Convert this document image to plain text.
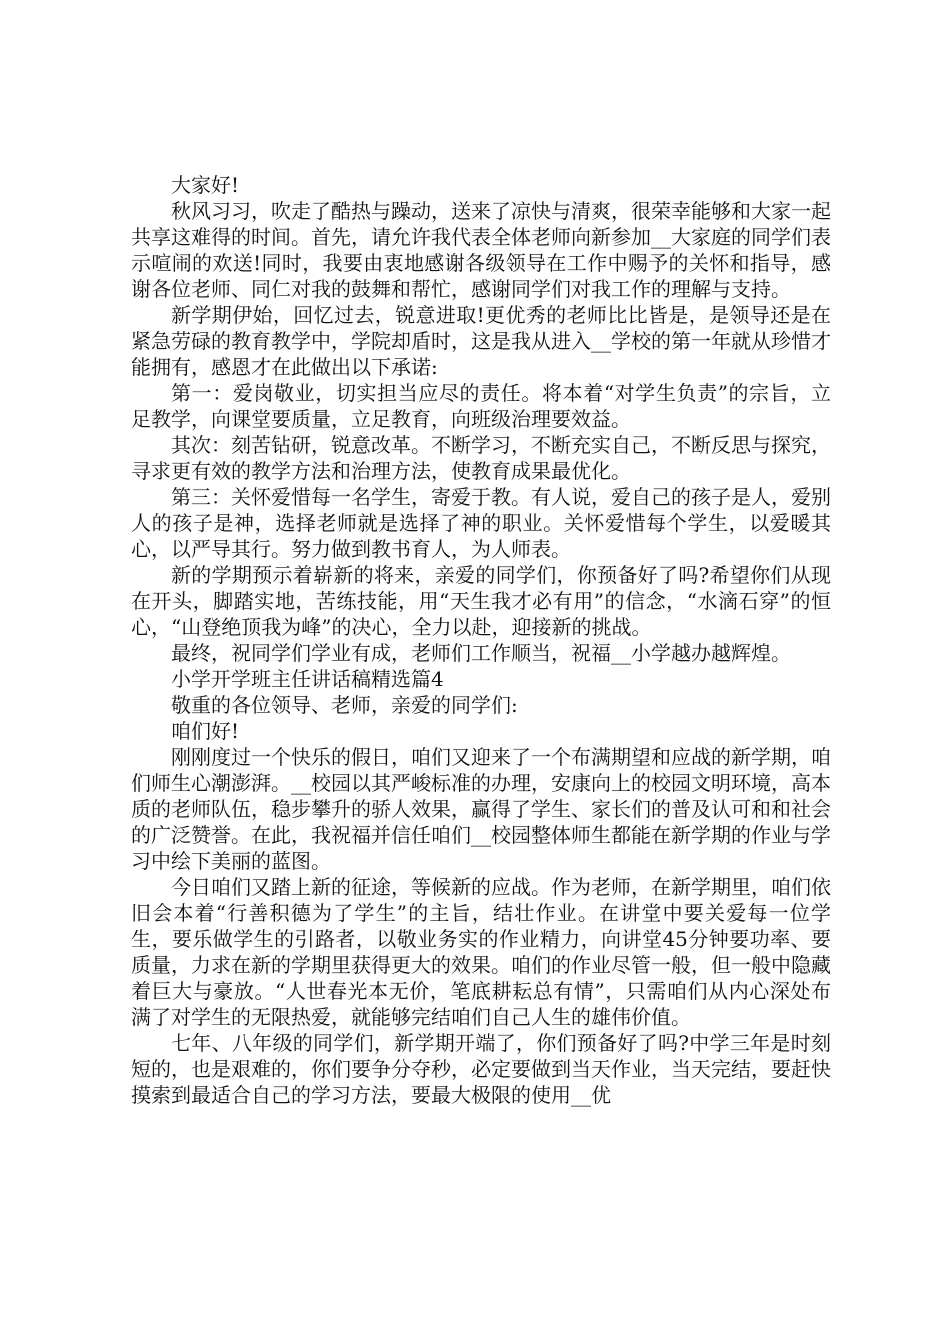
大家好!

秋风习习，吹走了酷热与躁动，送来了凉快与清爽，很荣幸能够和大家一起共享这难得的时间。首先，请允许我代表全体老师向新参加__大家庭的同学们表示喧闹的欢送!同时，我要由衷地感谢各级领导在工作中赐予的关怀和指导，感谢各位老师、同仁对我的鼓舞和帮忙，感谢同学们对我工作的理解与支持。

新学期伊始，回忆过去，锐意进取!更优秀的老师比比皆是，是领导还是在紧急劳碌的教育教学中，学院却盾时，这是我从进入__学校的第一年就从珍惜才能拥有，感恩才在此做出以下承诺:

第一：爱岗敬业，切实担当应尽的责任。将本着“对学生负责”的宗旨，立足教学，向课堂要质量，立足教育，向班级治理要效益。

其次：刻苦钻研，锐意改革。不断学习，不断充实自己，不断反思与探究，寻求更有效的教学方法和治理方法，使教育成果最优化。

第三：关怀爱惜每一名学生，寄爱于教。有人说，爱自己的孩子是人，爱别人的孩子是神，选择老师就是选择了神的职业。关怀爱惜每个学生，以爱暖其心，以严导其行。努力做到教书育人，为人师表。

新的学期预示着崭新的将来，亲爱的同学们，你预备好了吗?希望你们从现在开头，脚踏实地，苦练技能，用“天生我才必有用”的信念，“水滴石穿”的恒心，“山登绝顶我为峰”的决心，全力以赴，迎接新的挑战。

最终，祝同学们学业有成，老师们工作顺当，祝福__小学越办越辉煌。

小学开学班主任讲话稿精选篇4

敬重的各位领导、老师，亲爱的同学们:

咱们好!

刚刚度过一个快乐的假日，咱们又迎来了一个布满期望和应战的新学期，咱们师生心潮澎湃。__校园以其严峻标准的办理，安康向上的校园文明环境，高本质的老师队伍，稳步攀升的骄人效果，赢得了学生、家长们的普及认可和和社会的广泛赞誉。在此，我祝福并信任咱们__校园整体师生都能在新学期的作业与学习中绘下美丽的蓝图。

今日咱们又踏上新的征途，等候新的应战。作为老师，在新学期里，咱们依旧会本着“行善积德为了学生”的主旨，结壮作业。在讲堂中要关爱每一位学生，要乐做学生的引路者，以敬业务实的作业精力，向讲堂45分钟要功率、要质量，力求在新的学期里获得更大的效果。咱们的作业尽管一般，但一般中隐藏着巨大与豪放。“人世春光本无价，笔底耕耘总有情”，只需咱们从内心深处布满了对学生的无限热爱，就能够完结咱们自己人生的雄伟价值。

七年、八年级的同学们，新学期开端了，你们预备好了吗?中学三年是时刻短的，也是艰难的，你们要争分夺秒，必定要做到当天作业，当天完结，要赶快摸索到最适合自己的学习方法，要最大极限的使用__优
